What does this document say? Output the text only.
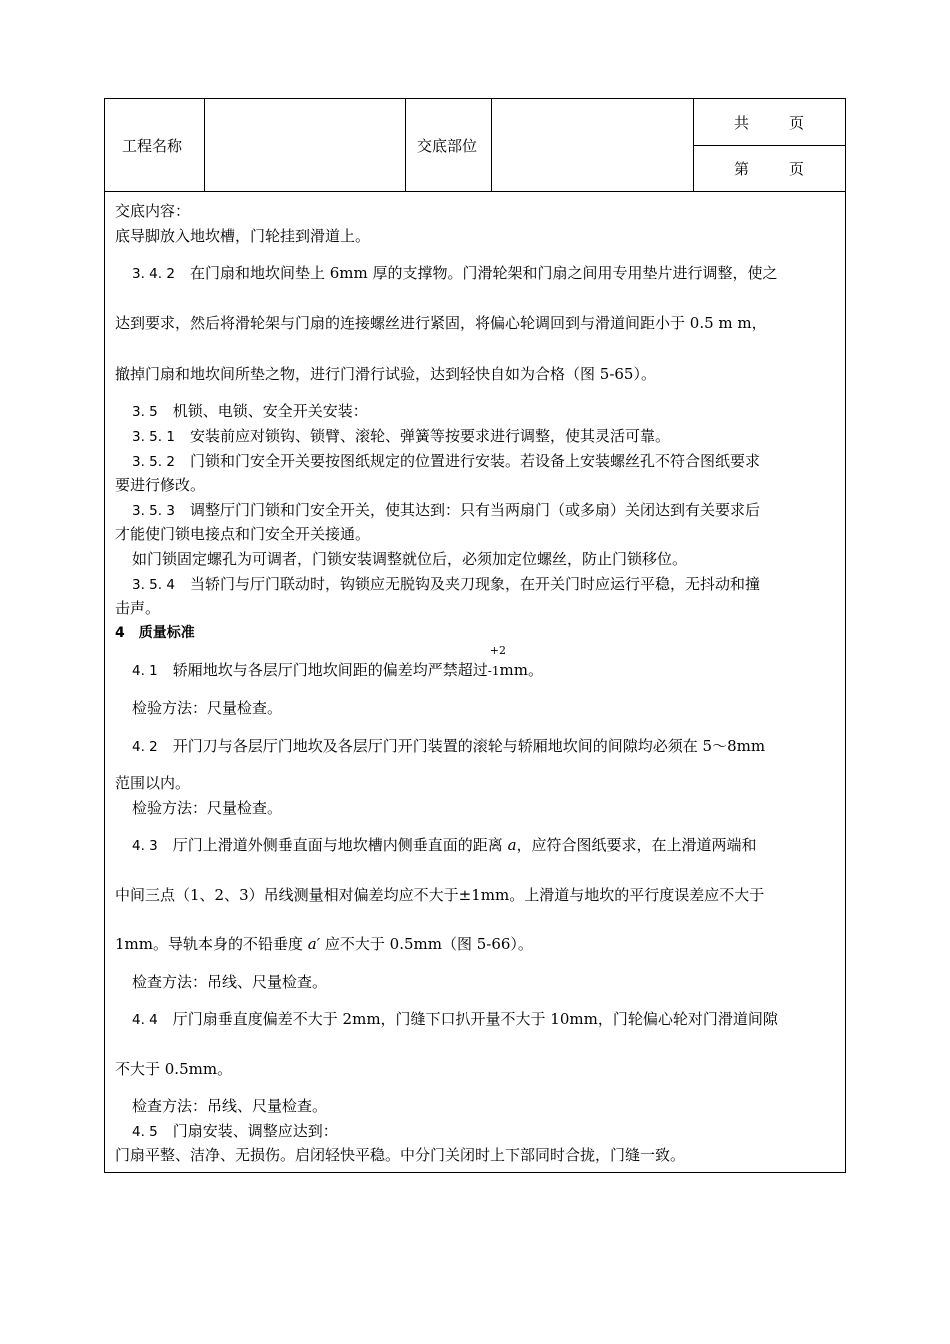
工程名称	交底部位
共	页
第	页
交底内容：
底导脚放入地坎槽，门轮挂到滑道上。
3. 4. 2　 在门扇和地坎间垫上 6mm 厚的支撑物。门滑轮架和门扇之间用专用垫片进行调整，使之
达到要求，然后将滑轮架与门扇的连接螺丝进行紧固，将偏心轮调回到与滑道间距小于 0.5 m m，
撤掉门扇和地坎间所垫之物，进行门滑行试验，达到轻快自如为合格（图 5-65）。
3. 5　 机锁、电锁、安全开关安装：
3. 5. 1　 安装前应对锁钩、锁臂、滚轮、弹簧等按要求进行调整，使其灵活可靠。
3. 5. 2　 门锁和门安全开关要按图纸规定的位置进行安装。若设备上安装螺丝孔不符合图纸要求
要进行修改。
3. 5. 3　 调整厅门门锁和门安全开关，使其达到：只有当两扇门（或多扇）关闭达到有关要求后
才能使门锁电接点和门安全开关接通。
如门锁固定螺孔为可调者，门锁安装调整就位后，必须加定位螺丝，防止门锁移位。
3. 5. 4　 当轿门与厅门联动时，钩锁应无脱钩及夹刀现象，在开关门时应运行平稳，无抖动和撞
击声。
4　质量标准
4. 1　 轿厢地坎与各层厅门地坎间距的偏差均严禁超过
+2
-1mm。
检验方法：尺量检查。
4. 2　 开门刀与各层厅门地坎及各层厅门开门装置的滚轮与轿厢地坎间的间隙均必须在 5～8mm
范围以内。
检验方法：尺量检查。
4. 3　 厅门上滑道外侧垂直面与地坎槽内侧垂直面的距离 a，应符合图纸要求，在上滑道两端和
中间三点（1、2、3）吊线测量相对偏差均应不大于±1mm。上滑道与地坎的平行度误差应不大于
1mm。导轨本身的不铅垂度 a′ 应不大于 0.5mm（图 5-66）。
检查方法：吊线、尺量检查。
4. 4　 厅门扇垂直度偏差不大于 2mm，门缝下口扒开量不大于 10mm，门轮偏心轮对门滑道间隙
不大于 0.5mm。
检查方法：吊线、尺量检查。
4. 5　 门扇安装、调整应达到：
门扇平整、洁净、无损伤。启闭轻快平稳。中分门关闭时上下部同时合拢，门缝一致。
